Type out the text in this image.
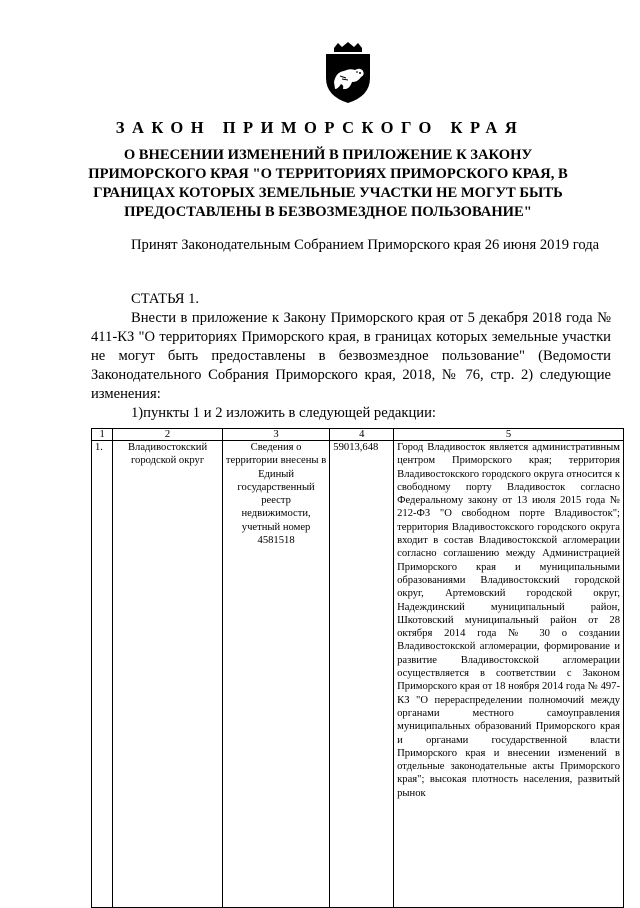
ЗАКОН ПРИМОРСКОГО КРАЯ
О ВНЕСЕНИИ ИЗМЕНЕНИЙ В ПРИЛОЖЕНИЕ К ЗАКОНУ ПРИМОРСКОГО КРАЯ "О ТЕРРИТОРИЯХ ПРИМОРСКОГО КРАЯ, В ГРАНИЦАХ КОТОРЫХ ЗЕМЕЛЬНЫЕ УЧАСТКИ НЕ МОГУТ БЫТЬ ПРЕДОСТАВЛЕНЫ В БЕЗВОЗМЕЗДНОЕ ПОЛЬЗОВАНИЕ"
Принят Законодательным Собранием Приморского края 26 июня 2019 года
СТАТЬЯ 1.
Внести в приложение к Закону Приморского края от 5 декабря 2018 года № 411-КЗ "О территориях Приморского края, в границах которых земельные участки не могут быть предоставлены в безвозмездное пользование" (Ведомости Законодательного Собрания Приморского края, 2018, № 76, стр. 2) следующие изменения:
1)пункты 1 и 2 изложить в следующей редакции:
1	2	3	4	5
1.	Владивостокский городской округ	Сведения о территории внесены в Единый государственный реестр недвижимости, учетный номер 4581518	59013,648	Город Владивосток является административным центром Приморского края; территория Владивостокского городского округа относится к свободному порту Владивосток согласно Федеральному закону от 13 июля 2015 года № 212-ФЗ "О свободном порте Владивосток"; территория Владивостокского городского округа входит в состав Владивостокской агломерации согласно соглашению между Администрацией Приморского края и муниципальными образованиями Владивостокский городской округ, Артемовский городской округ, Надеждинский муниципальный район, Шкотовский муниципальный район от 28 октября 2014 года № 30 о создании Владивостокской агломерации, формирование и развитие Владивостокской агломерации осуществляется в соответствии с Законом Приморского края от 18 ноября 2014 года № 497-КЗ "О перераспределении полномочий между органами местного самоуправления муниципальных образований Приморского края и органами государственной власти Приморского края и внесении изменений в отдельные законодательные акты Приморского края"; высокая плотность населения, развитый рынок
